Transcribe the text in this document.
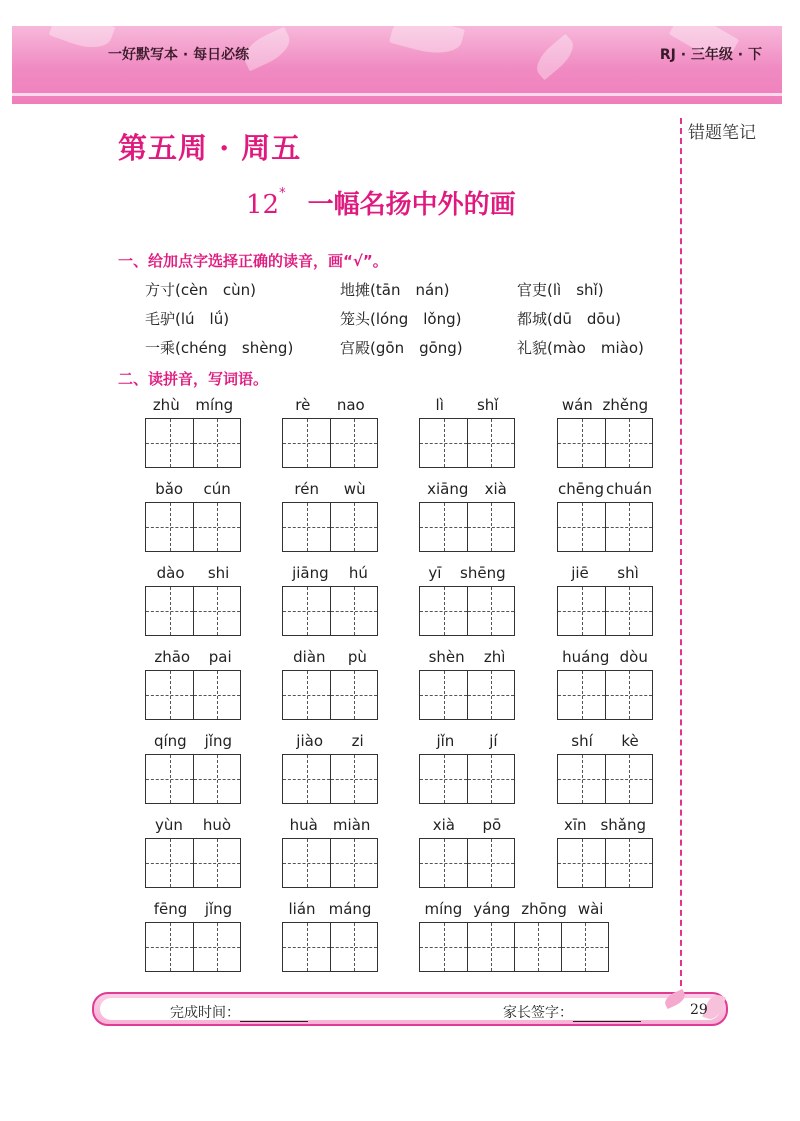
一好默写本 · 每日必练	RJ · 三年级 · 下
错题笔记
第五周 · 周五
12* 一幅名扬中外的画
一、给加点字选择正确的读音，画“√”。
方寸(cèn　cùn)	地摊(tān　nán)	官吏(lì　shǐ)
毛驴(lú　lǘ)	笼头(lóng　lǒng)	都城(dū　dōu)
一乘(chéng　shèng)	宫殿(gōn　gōng)	礼貌(mào　miào)
二、读拼音，写词语。
zhù míng	rè nao	lì shǐ	wán zhěng
bǎo cún	rén wù	xiāng xià	chēng chuán
dào shi	jiāng hú	yī shēng	jiē shì
zhāo pai	diàn pù	shèn zhì	huáng dòu
qíng jǐng	jiào zi	jǐn jí	shí kè
yùn huò	huà miàn	xià pō	xīn shǎng
fēng jǐng	lián máng	míng yáng zhōng wài
完成时间：	家长签字：	29
